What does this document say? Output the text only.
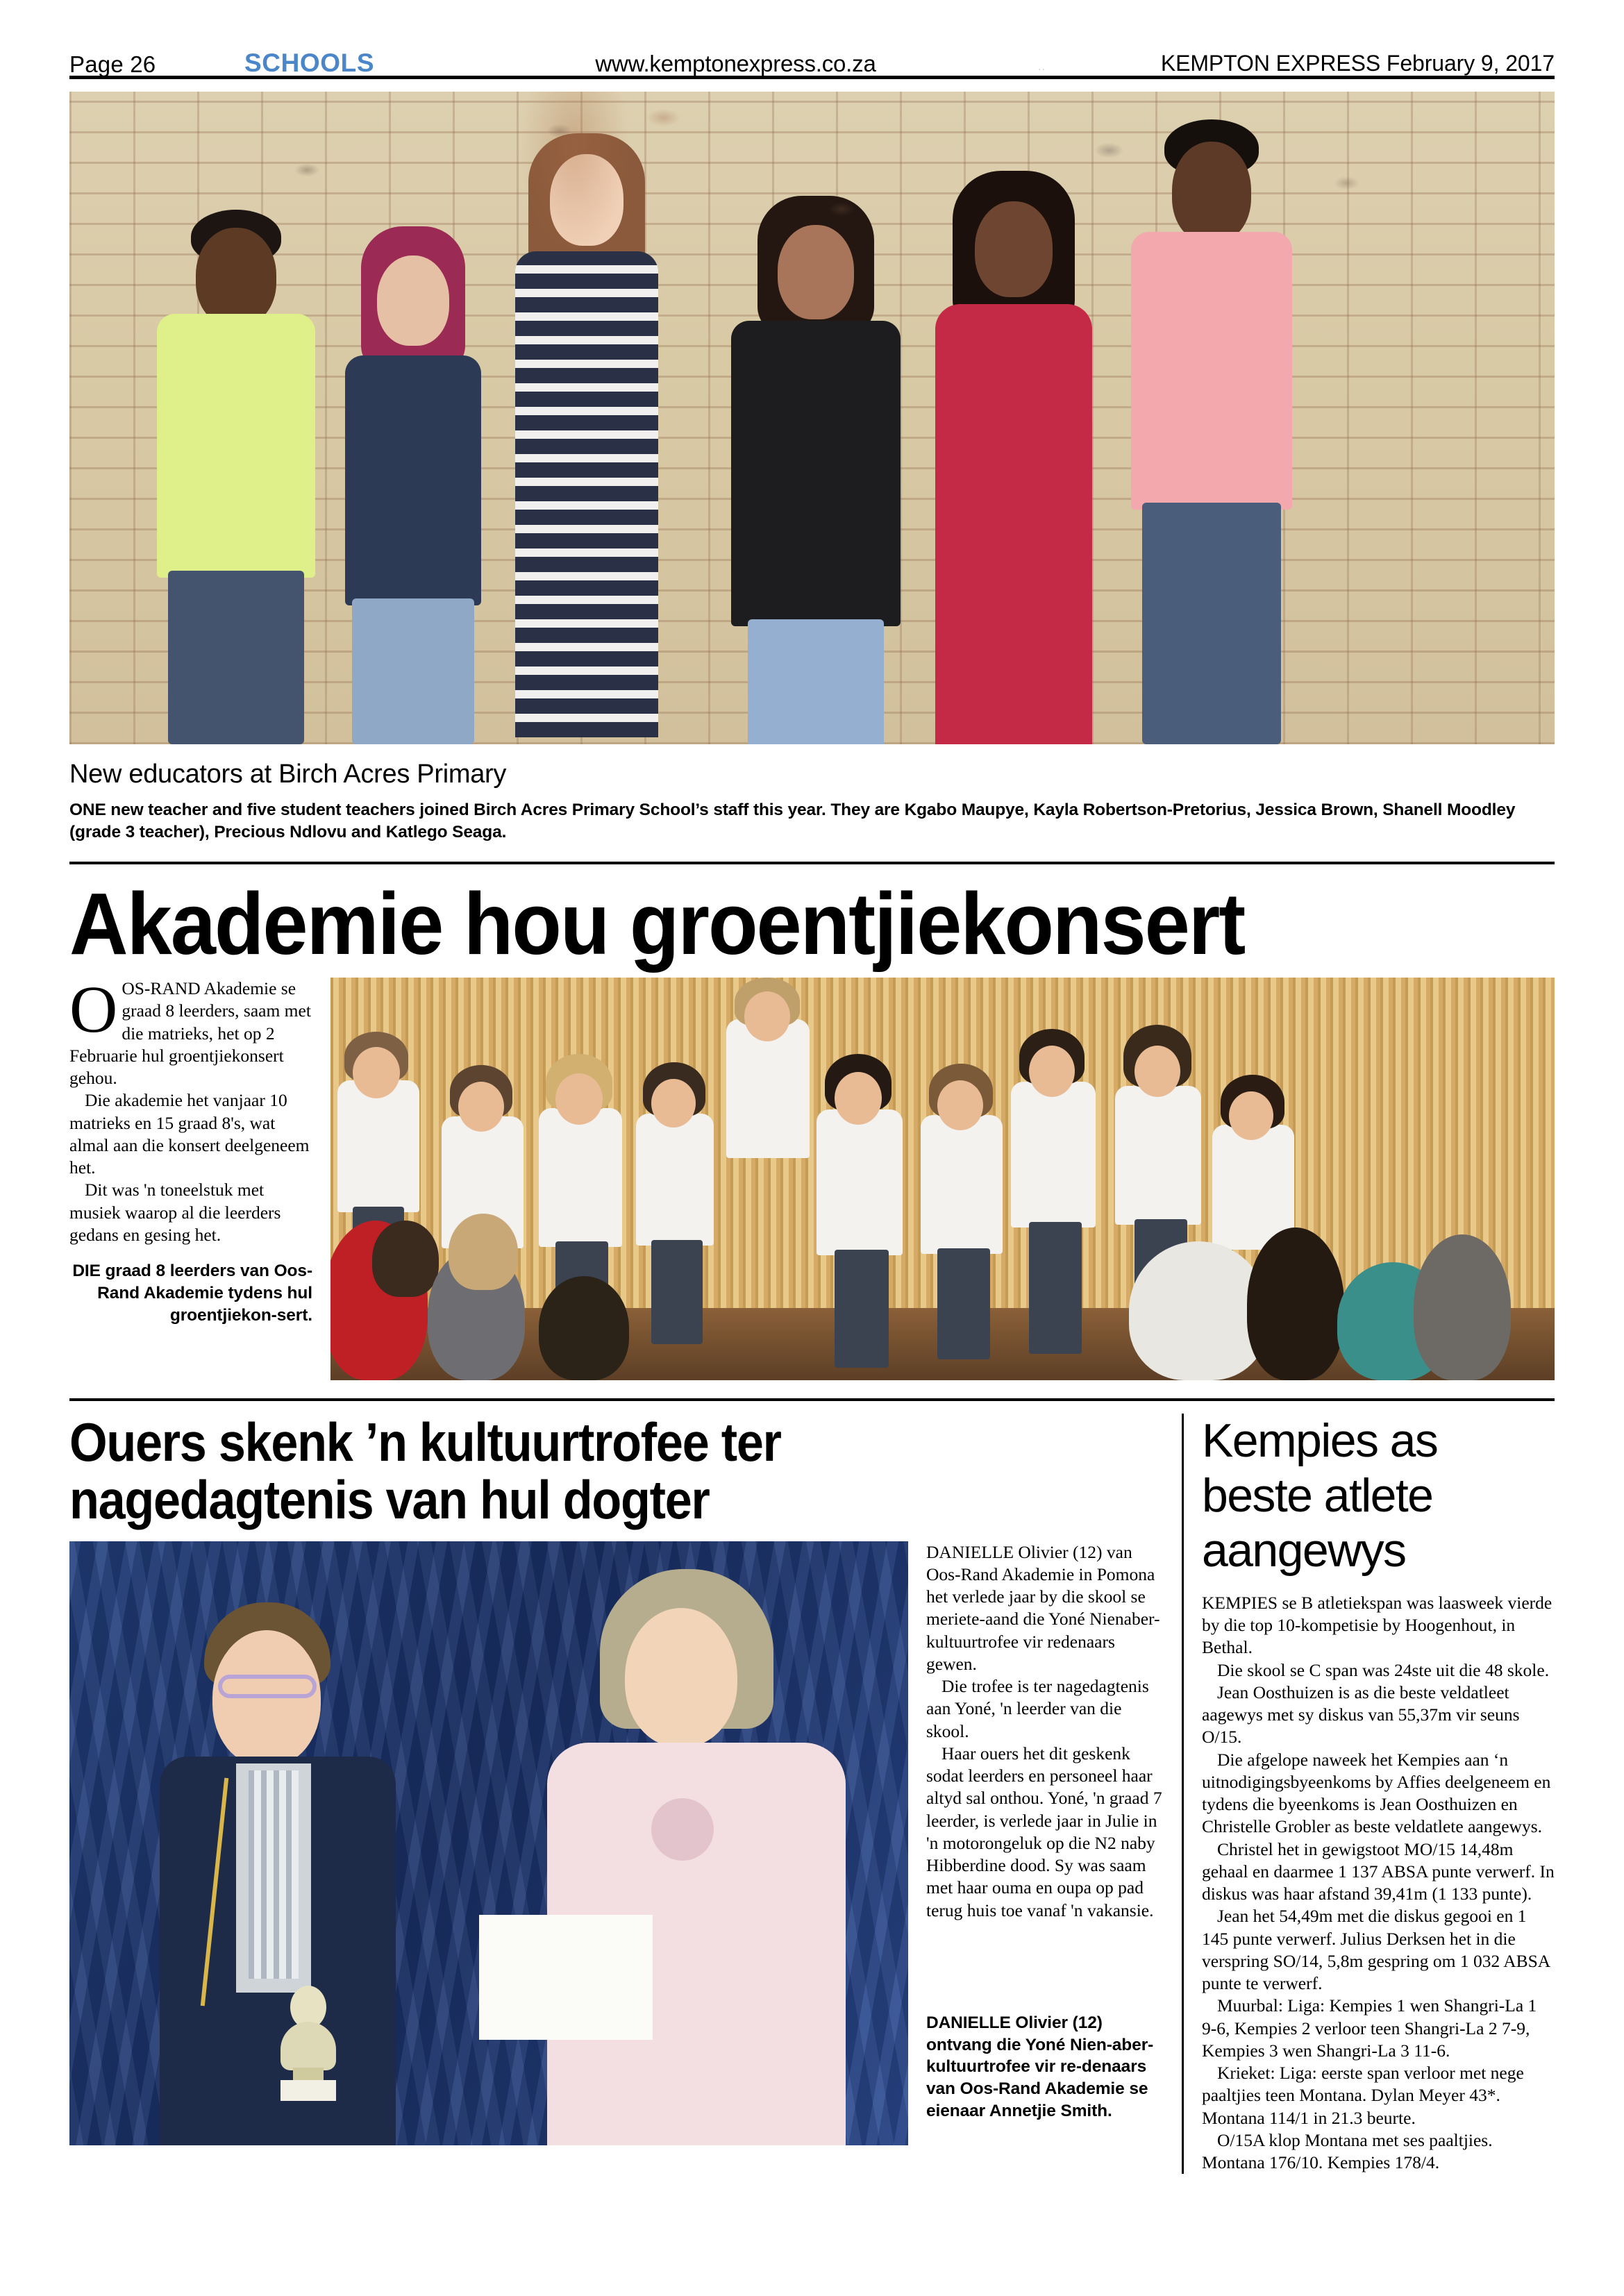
Page 26	SCHOOLS	www.kemptonexpress.co.za	..	KEMPTON EXPRESS February 9, 2017
New educators at Birch Acres Primary
ONE new teacher and five student teachers joined Birch Acres Primary School’s staff this year. They are Kgabo Maupye, Kayla Robertson-Pretorius, Jessica Brown, Shanell Moodley (grade 3 teacher), Precious Ndlovu and Katlego Seaga.
Akademie hou groentjiekonsert

OOS-RAND Akademie se graad 8 leerders, saam met die matrieks, het op 2 Februarie hul groentjiekonsert gehou.

Die akademie het vanjaar 10 matrieks en 15 graad 8's, wat almal aan die konsert deelgeneem het.

Dit was 'n toneelstuk met musiek waarop al die leerders gedans en gesing het.

DIE graad 8 leerders van Oos-Rand Akademie tydens hul groentjiekon-sert.
Ouers skenk ’n kultuurtrofee ter
nagedagtenis van hul dogter

DANIELLE Olivier (12) van Oos-Rand Akademie in Pomona het verlede jaar by die skool se meriete-aand die Yoné Nienaber-kultuurtrofee vir redenaars gewen.

Die trofee is ter nagedagtenis aan Yoné, 'n leerder van die skool.

Haar ouers het dit geskenk sodat leerders en personeel haar altyd sal onthou. Yoné, 'n graad 7 leerder, is verlede jaar in Julie in 'n motorongeluk op die N2 naby Hibberdine dood. Sy was saam met haar ouma en oupa op pad terug huis toe vanaf 'n vakansie.

DANIELLE Olivier (12) ontvang die Yoné Nien-aber-kultuurtrofee vir re-denaars van Oos-Rand Akademie se eienaar Annetjie Smith.
Kempies as
beste atlete
aangewys

KEMPIES se B atletiekspan was laasweek vierde by die top 10-kompetisie by Hoogenhout, in Bethal.

Die skool se C span was 24ste uit die 48 skole.

Jean Oosthuizen is as die beste veldatleet aagewys met sy diskus van 55,37m vir seuns O/15.

Die afgelope naweek het Kempies aan ‘n uitnodigingsbyeenkoms by Affies deelgeneem en tydens die byeenkoms is Jean Oosthuizen en Christelle Grobler as beste veldatlete aangewys.

Christel het in gewigstoot MO/15 14,48m gehaal en daarmee 1 137 ABSA punte verwerf. In diskus was haar afstand 39,41m (1 133 punte).

Jean het 54,49m met die diskus gegooi en 1 145 punte verwerf. Julius Derksen het in die verspring SO/14, 5,8m gespring om 1 032 ABSA punte te verwerf.

Muurbal: Liga: Kempies 1 wen Shangri-La 1 9-6, Kempies 2 verloor teen Shangri-La 2 7-9, Kempies 3 wen Shangri-La 3 11-6.

Krieket: Liga: eerste span verloor met nege paaltjies teen Montana. Dylan Meyer 43*. Montana 114/1 in 21.3 beurte.

O/15A klop Montana met ses paaltjies. Montana 176/10. Kempies 178/4.
